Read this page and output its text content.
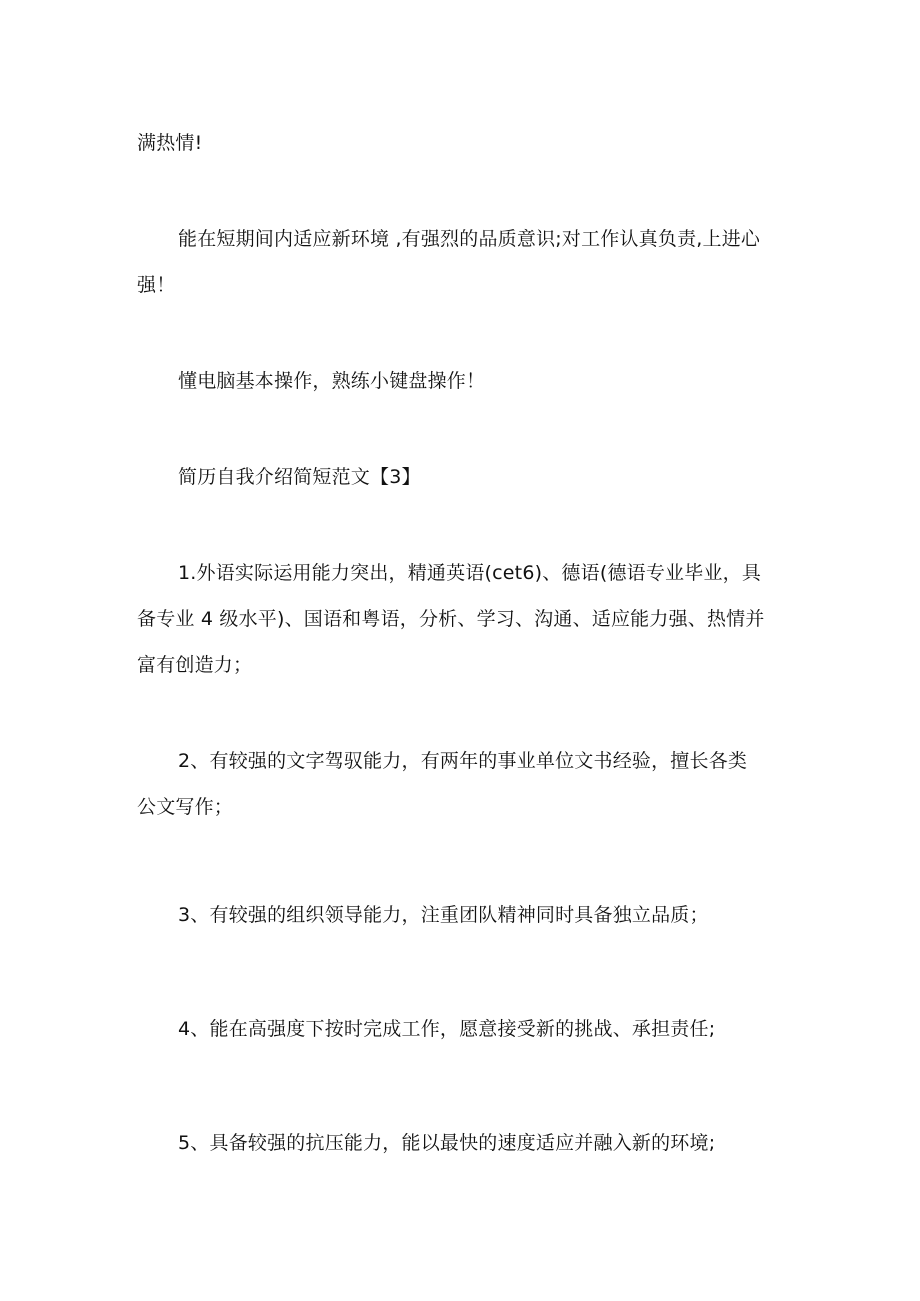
满热情!
能在短期间内适应新环境 ,有强烈的品质意识;对工作认真负责,上进心
强！
懂电脑基本操作，熟练小键盘操作！
简历自我介绍简短范文【3】
1.外语实际运用能力突出，精通英语(cet6)、德语(德语专业毕业，具
备专业 4 级水平)、国语和粤语，分析、学习、沟通、适应能力强、热情并
富有创造力；
2、有较强的文字驾驭能力，有两年的事业单位文书经验，擅长各类
公文写作；
3、有较强的组织领导能力，注重团队精神同时具备独立品质；
4、能在高强度下按时完成工作，愿意接受新的挑战、承担责任;
5、具备较强的抗压能力，能以最快的速度适应并融入新的环境;
